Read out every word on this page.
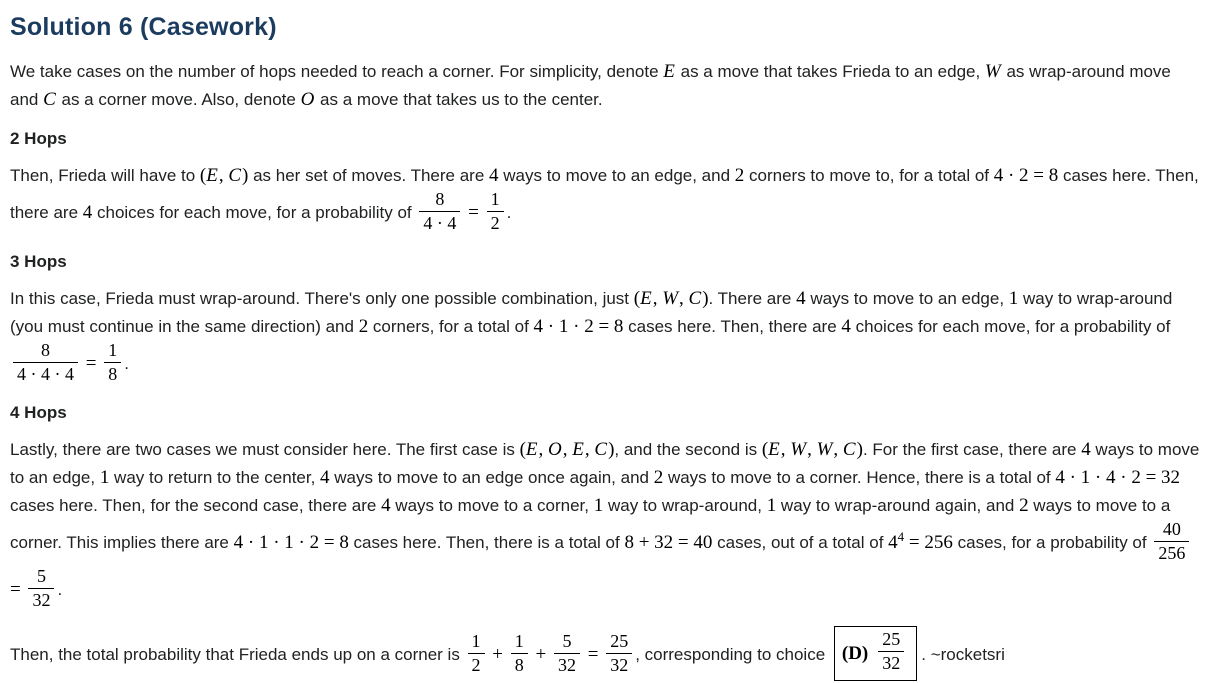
Solution 6 (Casework)

We take cases on the number of hops needed to reach a corner. For simplicity, denote E as a move that takes Frieda to an edge, W as wrap-around move and C as a corner move. Also, denote O as a move that takes us to the center.

2 Hops

Then, Frieda will have to (E, C) as her set of moves. There are 4 ways to move to an edge, and 2 corners to move to, for a total of 4 · 2 = 8 cases here. Then, there are 4 choices for each move, for a probability of $\frac{8}{4 \cdot 4} = \frac{1}{2}$ .

3 Hops

In this case, Frieda must wrap-around. There's only one possible combination, just (E, W, C). There are 4 ways to move to an edge, 1 way to wrap-around (you must continue in the same direction) and 2 corners, for a total of 4 · 1 · 2 = 8 cases here. Then, there are 4 choices for each move, for a probability of
$\frac{8}{4 \cdot 4 \cdot 4} = \frac{1}{8}$ .

4 Hops

Lastly, there are two cases we must consider here. The first case is (E, O, E, C), and the second is (E, W, W, C). For the first case, there are 4 ways to move to an edge, 1 way to return to the center, 4 ways to move to an edge once again, and 2 ways to move to a corner. Hence, there is a total of 4 · 1 · 4 · 2 = 32 cases here. Then, for the second case, there are 4 ways to move to a corner, 1 way to wrap-around, 1 way to wrap-around again, and 2 ways to move to a corner. This implies there are 4 · 1 · 1 · 2 = 8 cases here. Then, there is a total of 8 + 32 = 40 cases, out of a total of $4^4 = 256$ cases, for a probability of $\frac{40}{256}$
= $\frac{5}{32}$ .

Then, the total probability that Frieda ends up on a corner is $\frac{1}{2} + \frac{1}{8} + \frac{5}{32} = \frac{25}{32}$ , corresponding to choice $(D) \frac{25}{32}$ . ~rocketsri
